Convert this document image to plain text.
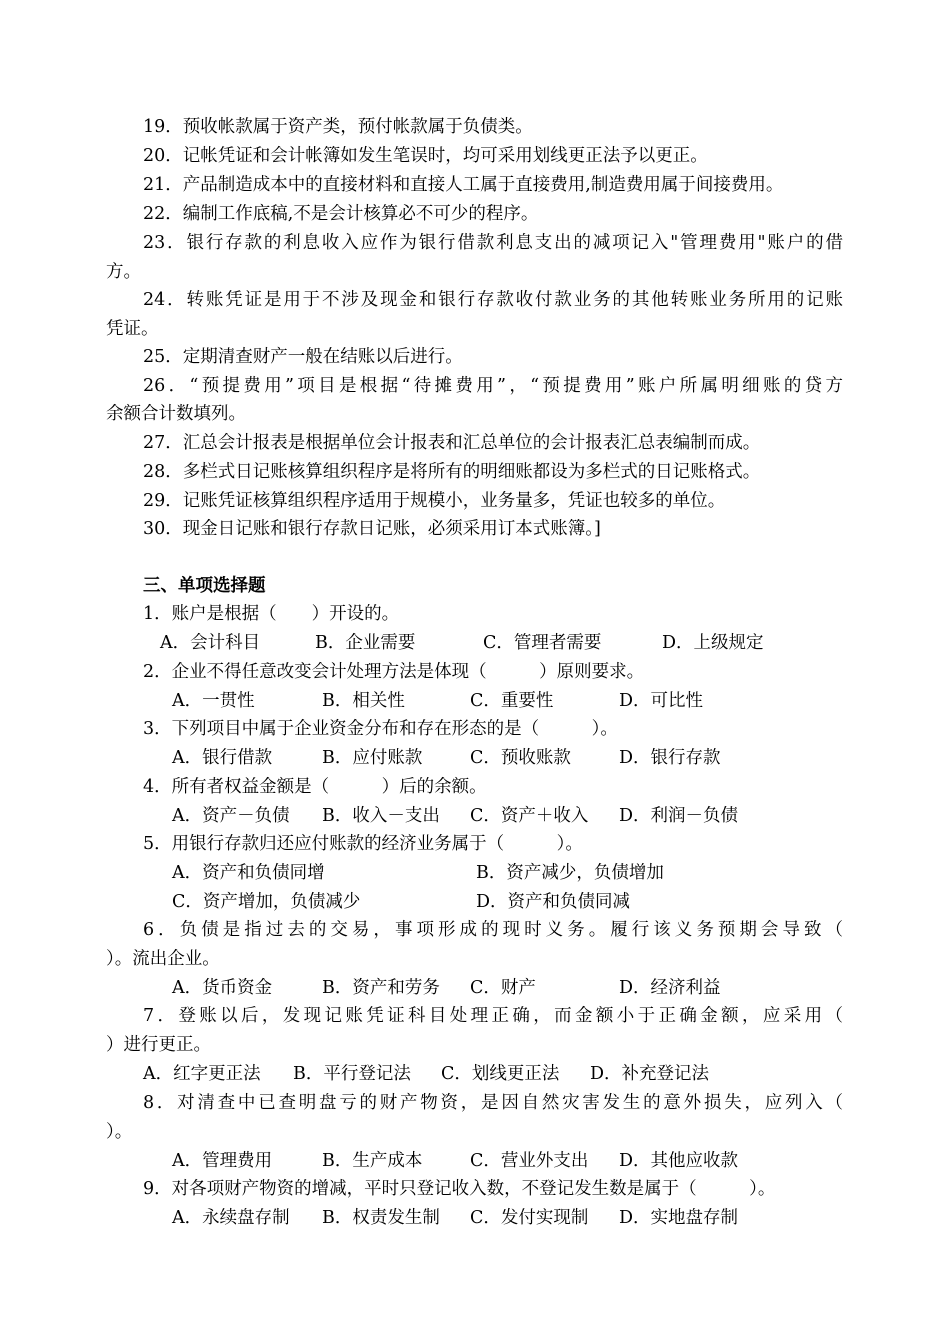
19．预收帐款属于资产类，预付帐款属于负债类。
20．记帐凭证和会计帐簿如发生笔误时，均可采用划线更正法予以更正。
21．产品制造成本中的直接材料和直接人工属于直接费用,制造费用属于间接费用。
22．编制工作底稿,不是会计核算必不可少的程序。
23．银行存款的利息收入应作为银行借款利息支出的减项记入"管理费用"账户的借
方。
24．转账凭证是用于不涉及现金和银行存款收付款业务的其他转账业务所用的记账
凭证。
25．定期清查财产一般在结账以后进行。
26．“预提费用”项目是根据“待摊费用”，“预提费用”账户所属明细账的贷方
余额合计数填列。
27．汇总会计报表是根据单位会计报表和汇总单位的会计报表汇总表编制而成。
28．多栏式日记账核算组织程序是将所有的明细账都设为多栏式的日记账格式。
29．记账凭证核算组织程序适用于规模小，业务量多，凭证也较多的单位。
30．现金日记账和银行存款日记账，必须采用订本式账簿。]
三、单项选择题
1．账户是根据（　　）开设的。
A．会计科目	B．企业需要	C．管理者需要	D．上级规定
2．企业不得任意改变会计处理方法是体现（　　　）原则要求。
A．一贯性	B．相关性	C．重要性	D．可比性
3．下列项目中属于企业资金分布和存在形态的是（　　　）。
A．银行借款	B．应付账款	C．预收账款	D．银行存款
4．所有者权益金额是（　　　）后的余额。
A．资产－负债 B．收入－支出 C．资产＋收入 D．利润－负债
5．用银行存款归还应付账款的经济业务属于（　　　）。
A．资产和负债同增	B．资产减少，负债增加
C．资产增加，负债减少	D．资产和负债同减
6．负债是指过去的交易，事项形成的现时义务。履行该义务预期会导致（
）。流出企业。
A．货币资金	B．资产和劳务 C．财产	D．经济利益
7．登账以后，发现记账凭证科目处理正确，而金额小于正确金额，应采用（
）进行更正。
A．红字更正法 B．平行登记法 C．划线更正法 D．补充登记法
8．对清查中已查明盘亏的财产物资，是因自然灾害发生的意外损失，应列入（
）。
A．管理费用	B．生产成本	C．营业外支出 D．其他应收款
9．对各项财产物资的增减，平时只登记收入数，不登记发生数是属于（　　　）。
A．永续盘存制 B．权责发生制 C．发付实现制 D．实地盘存制
